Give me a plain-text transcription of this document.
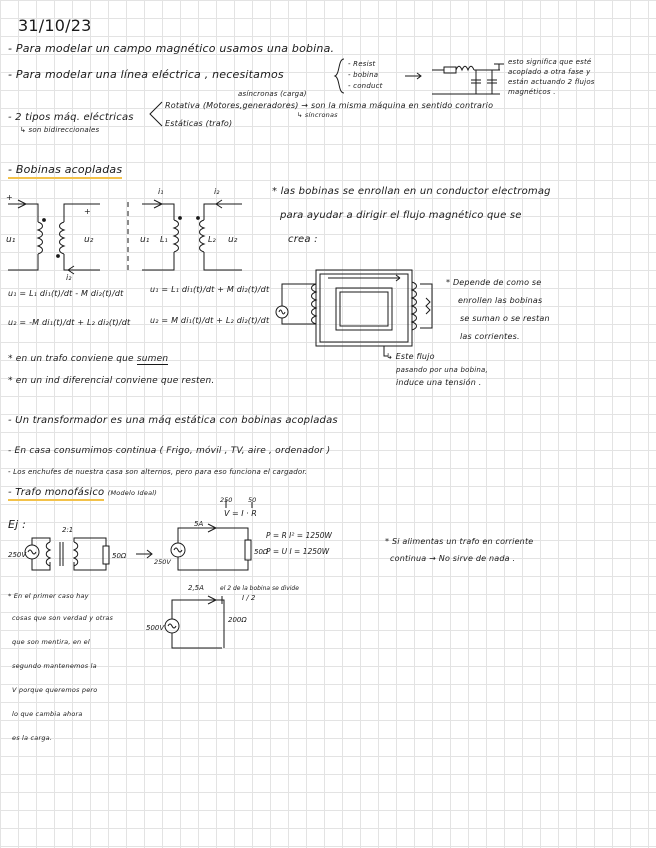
31/10/23
- Para modelar un campo magnético usamos una bobina.
- Para modelar una línea eléctrica , necesitamos
- Resist
- bobina
- conduct
esto significa que esté
acoplado a otra fase y
están actuando 2 flujos
magnéticos .
- 2 tipos máq. eléctricas
↳ son bidireccionales
asíncronas (carga)
Rotativa (Motores,generadores) → son la misma máquina en sentido contrario
↳ síncronas
Estáticas (trafo)
- Bobinas acopladas
* las bobinas se enrollan en un conductor electromag
para ayudar a dirigir el flujo magnético que se
crea :
u₁ = L₁ di₁(t)/dt - M di₂(t)/dt
u₂ = -M di₁(t)/dt + L₂ di₂(t)/dt
u₁ = L₁ di₁(t)/dt + M di₂(t)/dt
u₂ = M di₁(t)/dt + L₂ di₂(t)/dt
* en un trafo conviene que sumen
* en un ind diferencial conviene que resten.
* Depende de como se
enrollen las bobinas
se suman o se restan
las corrientes.
↳ Este flujo
pasando por una bobina,
induce una tensión .
- Un transformador es una máq estática con bobinas acopladas
- En casa consumimos continua ( Frigo, móvil , TV, aire , ordenador )
- Los enchufes de nuestra casa son alternos, pero para eso funciona el cargador.
- Trafo monofásico (Modelo Ideal)
Ej :
* Si alimentas un trafo en corriente
continua → No sirve de nada .
* En el primer caso hay
cosas que son verdad y otras
que son mentira, en el
segundo mantenemos la
V porque queremos pero
lo que cambia ahora
es la carga.
+
+
u₁	u₂
i₂
i₁	i₂
u₁ L₁	L₂ u₂
2:1
250V	50Ω
250 50
V = I · R
5A
250V
50Ω
P = R I² = 1250W
P = U I = 1250W
2,5A	el 2 de la bobina se divide
I / 2
500V
200Ω
